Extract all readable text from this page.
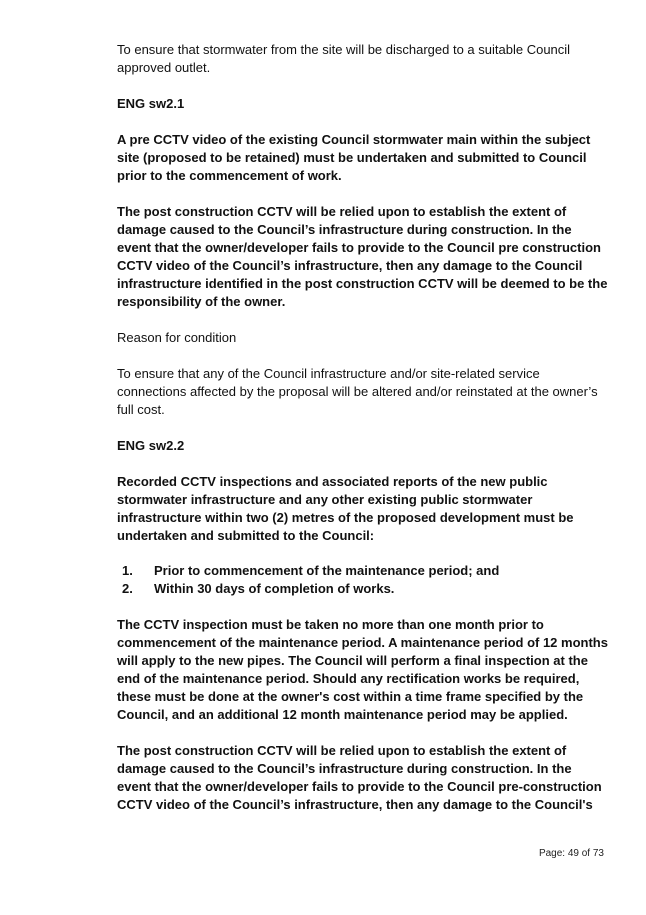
To ensure that stormwater from the site will be discharged to a suitable Council approved outlet.

ENG sw2.1

A pre CCTV video of the existing Council stormwater main within the subject site (proposed to be retained) must be undertaken and submitted to Council prior to the commencement of work.

The post construction CCTV will be relied upon to establish the extent of damage caused to the Council’s infrastructure during construction. In the event that the owner/developer fails to provide to the Council pre construction CCTV video of the Council’s infrastructure, then any damage to the Council infrastructure identified in the post construction CCTV will be deemed to be the responsibility of the owner.

Reason for condition

To ensure that any of the Council infrastructure and/or site-related service connections affected by the proposal will be altered and/or reinstated at the owner’s full cost.

ENG sw2.2

Recorded CCTV inspections and associated reports of the new public stormwater infrastructure and any other existing public stormwater infrastructure within two (2) metres of the proposed development must be undertaken and submitted to the Council:

1.	Prior to commencement of the maintenance period; and
2.	Within 30 days of completion of works.

The CCTV inspection must be taken no more than one month prior to commencement of the maintenance period. A maintenance period of 12 months will apply to the new pipes. The Council will perform a final inspection at the end of the maintenance period. Should any rectification works be required, these must be done at the owner's cost within a time frame specified by the Council, and an additional 12 month maintenance period may be applied.

The post construction CCTV will be relied upon to establish the extent of damage caused to the Council’s infrastructure during construction. In the event that the owner/developer fails to provide to the Council pre-construction CCTV video of the Council’s infrastructure, then any damage to the Council's

Page: 49 of 73
